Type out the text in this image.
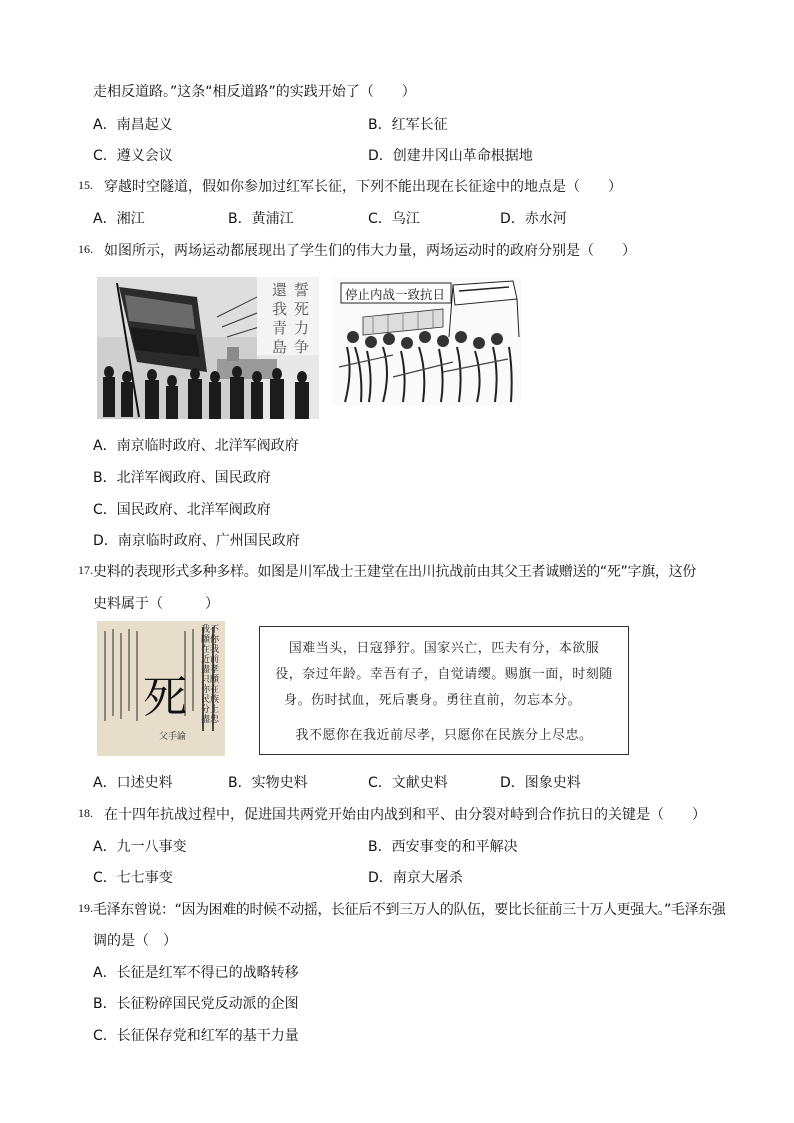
走相反道路。”这条“相反道路”的实践开始了（　　）
A．南昌起义	B．红军长征
C．遵义会议	D．创建井冈山革命根据地
15. 穿越时空隧道，假如你参加过红军长征，下列不能出现在长征途中的地点是（　　）
A．湘江	B．黄浦江	C．乌江	D．赤水河
16. 如图所示，两场运动都展现出了学生们的伟大力量，两场运动时的政府分别是（　　）
誓
死
力
争
還
我
青
島
停止内战一致抗日
A．南京临时政府、北洋军阀政府
B．北洋军阀政府、国民政府
C．国民政府、北洋军阀政府
D．南京临时政府、广州国民政府
17. 史料的表现形式多种多样。如图是川军战士王建堂在出川抗战前由其父王者诚赠送的“死”字旗，这份
史料属于（　　　）
死
父手諭
我不願你在我近前盡孝只願你在民族分上盡忠
国难当头，日寇猙狞。国家兴亡，匹夫有分，本欲服
役，奈过年龄。幸吾有子，自觉请缨。赐旗一面，时刻随
身。伤时拭血，死后裹身。勇往直前，勿忘本分。
我不愿你在我近前尽孝，只愿你在民族分上尽忠。
A．口述史料	B．实物史料	C．文献史料	D．图象史料
18. 在十四年抗战过程中，促进国共两党开始由内战到和平、由分裂对峙到合作抗日的关键是（　　）
A．九一八事变	B．西安事变的和平解决
C．七七事变	D．南京大屠杀
19. 毛泽东曾说：“因为困难的时候不动摇，长征后不到三万人的队伍，要比长征前三十万人更强大。”毛泽东强
调的是（　）
A．长征是红军不得已的战略转移
B．长征粉碎国民党反动派的企图
C．长征保存党和红军的基干力量
